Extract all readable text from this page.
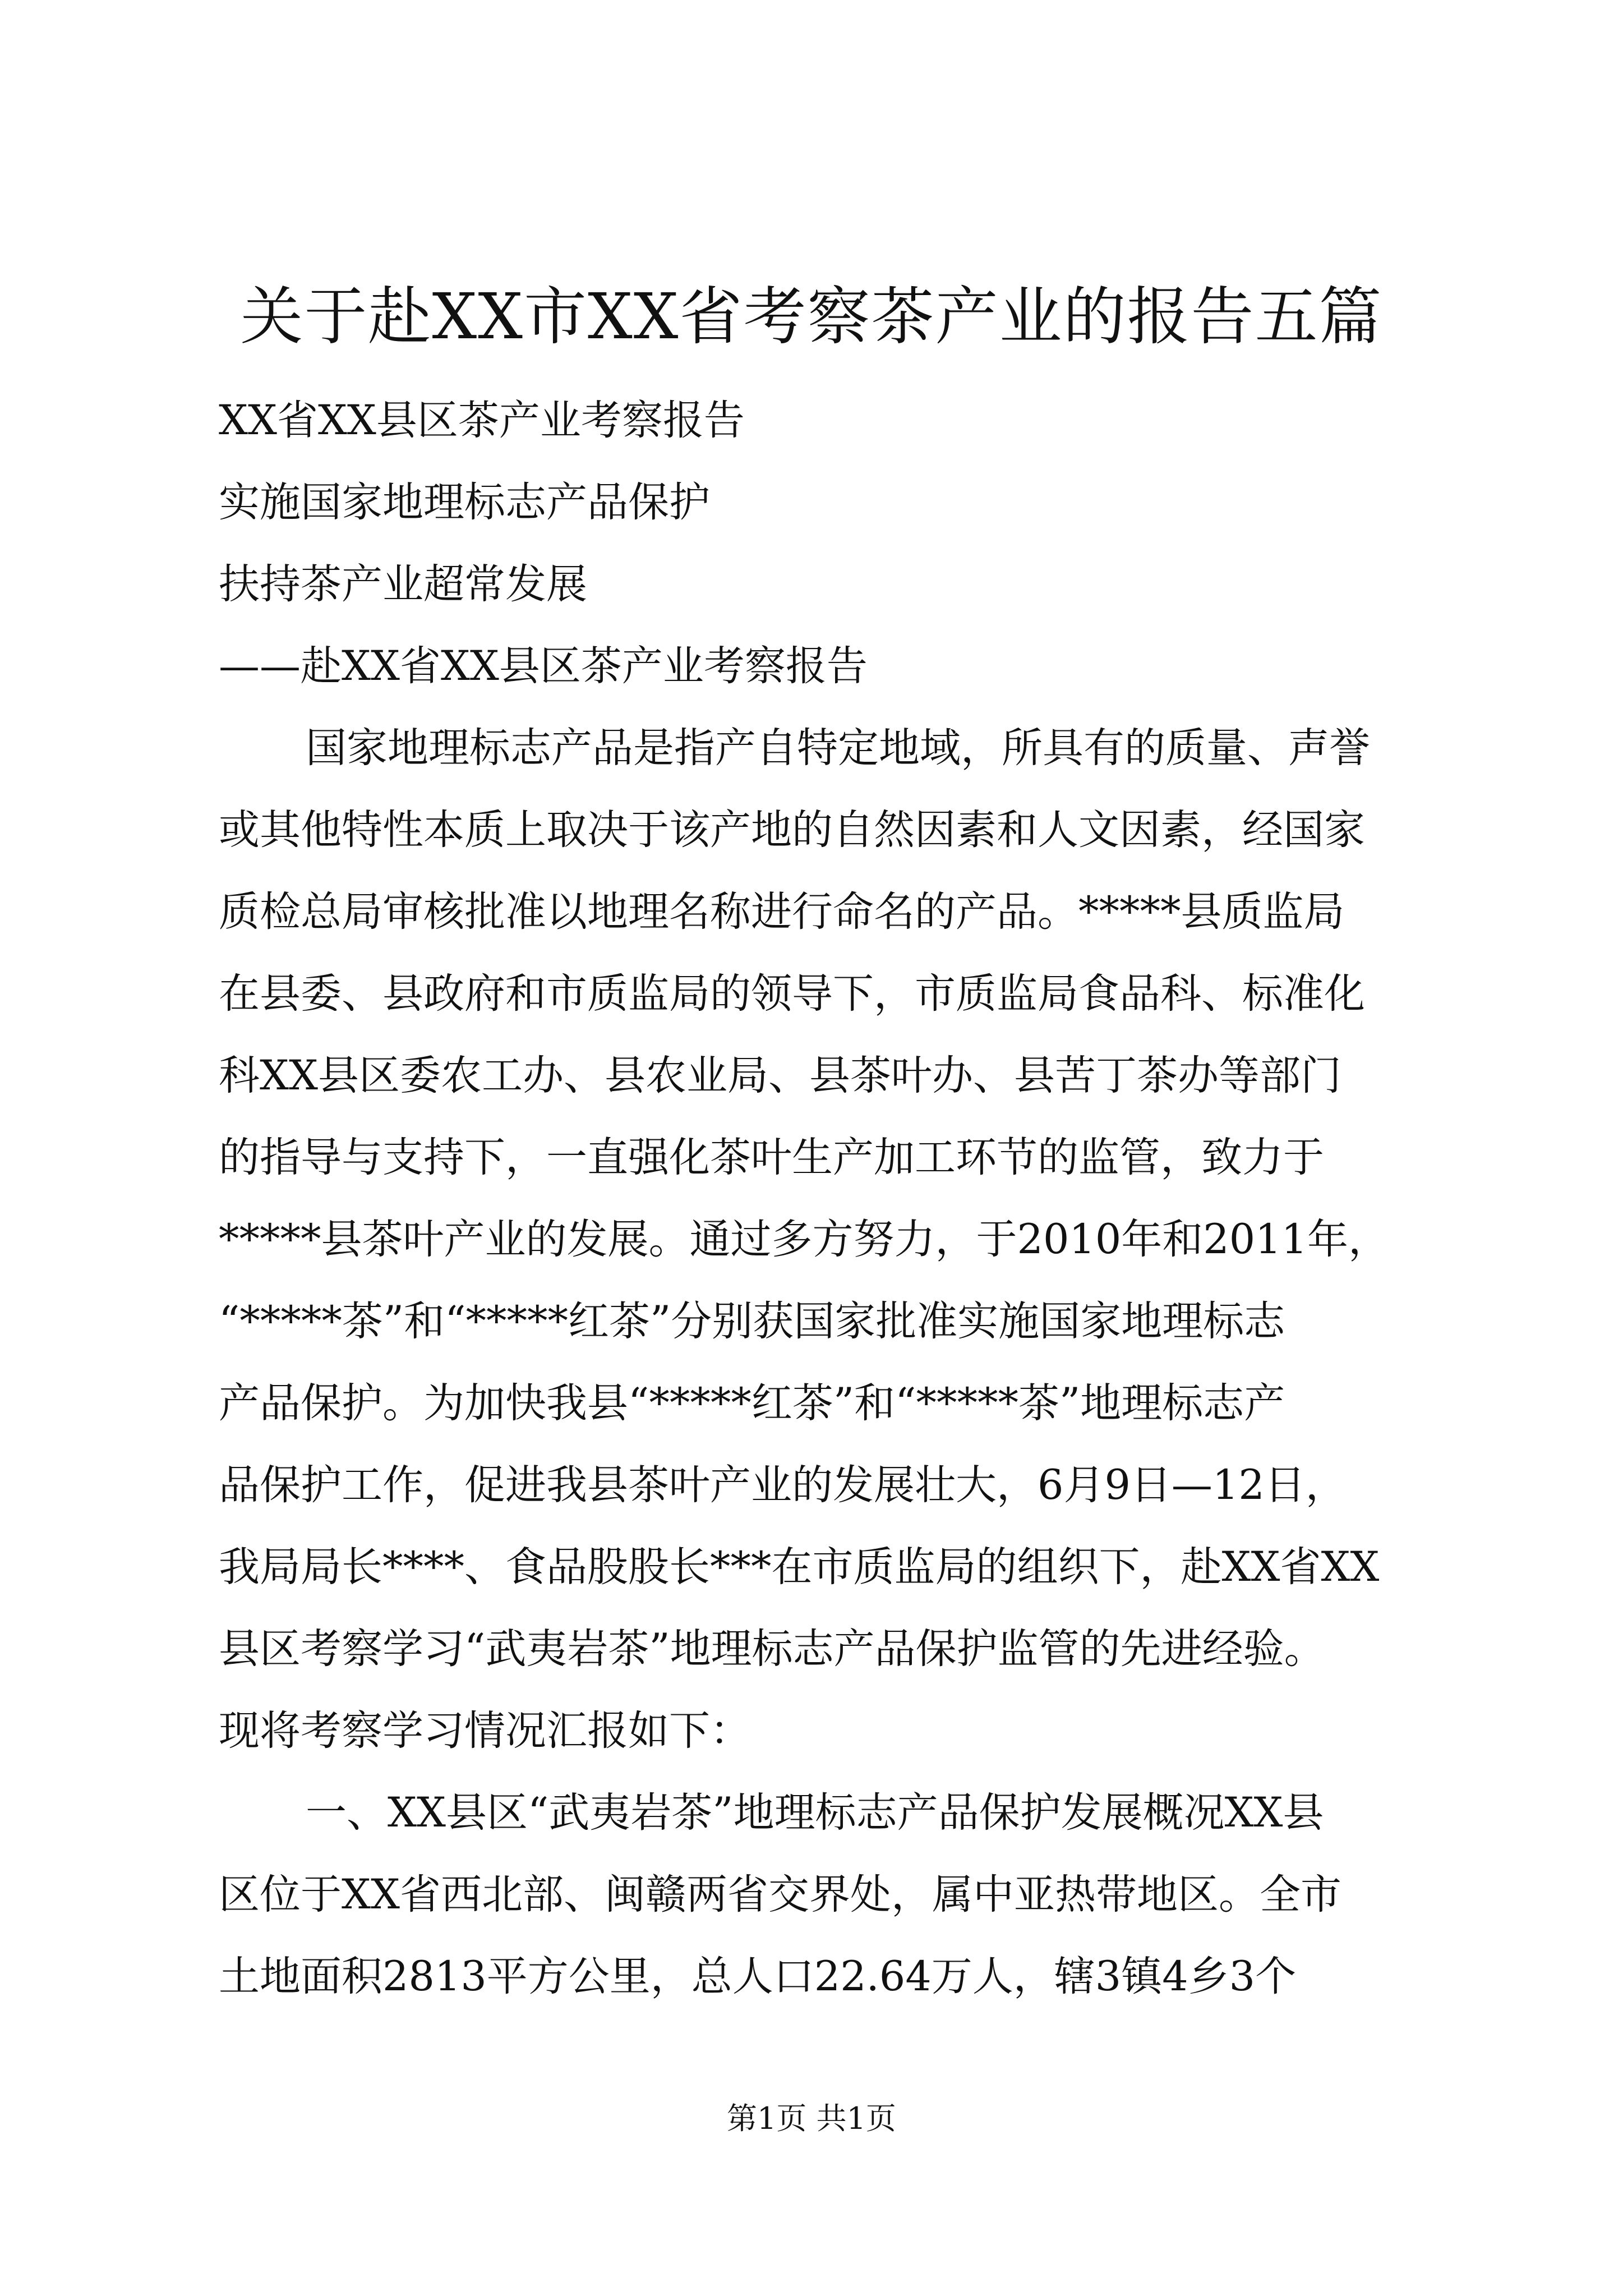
关于赴XX市XX省考察茶产业的报告五篇
XX省XX县区茶产业考察报告
实施国家地理标志产品保护
扶持茶产业超常发展
——赴XX省XX县区茶产业考察报告
国家地理标志产品是指产自特定地域，所具有的质量、声誉
或其他特性本质上取决于该产地的自然因素和人文因素，经国家
质检总局审核批准以地理名称进行命名的产品。*****县质监局
在县委、县政府和市质监局的领导下，市质监局食品科、标准化
科XX县区委农工办、县农业局、县茶叶办、县苦丁茶办等部门
的指导与支持下，一直强化茶叶生产加工环节的监管，致力于
*****县茶叶产业的发展。通过多方努力，于2010年和2011年，
“*****茶”和“*****红茶”分别获国家批准实施国家地理标志
产品保护。为加快我县“*****红茶”和“*****茶”地理标志产
品保护工作，促进我县茶叶产业的发展壮大，6月9日—12日，
我局局长****、食品股股长***在市质监局的组织下，赴XX省XX
县区考察学习“武夷岩茶”地理标志产品保护监管的先进经验。
现将考察学习情况汇报如下：
一、XX县区“武夷岩茶”地理标志产品保护发展概况XX县
区位于XX省西北部、闽赣两省交界处，属中亚热带地区。全市
土地面积2813平方公里，总人口22.64万人，辖3镇4乡3个
第1页 共1页
